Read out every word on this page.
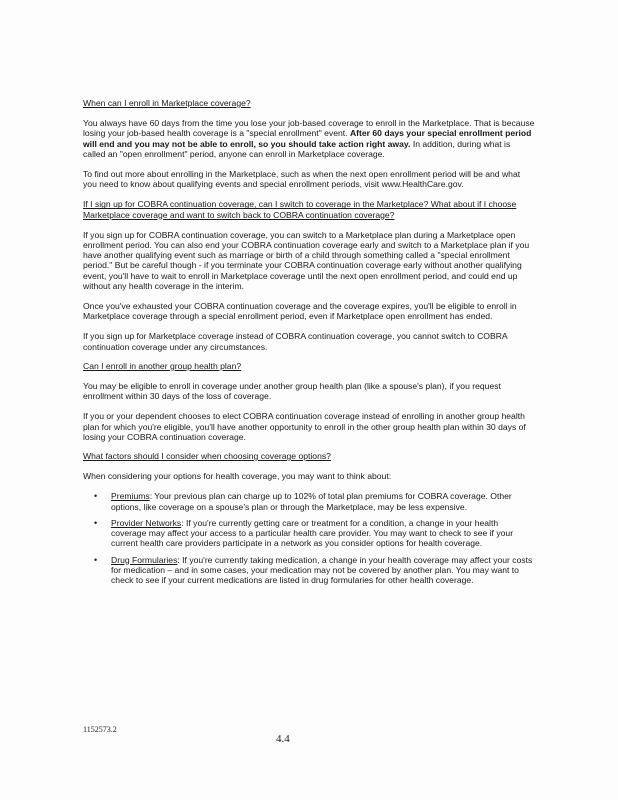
When can I enroll in Marketplace coverage?

You always have 60 days from the time you lose your job-based coverage to enroll in the Marketplace. That is because losing your job-based health coverage is a "special enrollment" event. After 60 days your special enrollment period will end and you may not be able to enroll, so you should take action right away. In addition, during what is called an "open enrollment" period, anyone can enroll in Marketplace coverage.

To find out more about enrolling in the Marketplace, such as when the next open enrollment period will be and what you need to know about qualifying events and special enrollment periods, visit www.HealthCare.gov.

If I sign up for COBRA continuation coverage, can I switch to coverage in the Marketplace? What about if I choose Marketplace coverage and want to switch back to COBRA continuation coverage?

If you sign up for COBRA continuation coverage, you can switch to a Marketplace plan during a Marketplace open enrollment period. You can also end your COBRA continuation coverage early and switch to a Marketplace plan if you have another qualifying event such as marriage or birth of a child through something called a "special enrollment period." But be careful though - if you terminate your COBRA continuation coverage early without another qualifying event, you'll have to wait to enroll in Marketplace coverage until the next open enrollment period, and could end up without any health coverage in the interim.

Once you've exhausted your COBRA continuation coverage and the coverage expires, you'll be eligible to enroll in Marketplace coverage through a special enrollment period, even if Marketplace open enrollment has ended.

If you sign up for Marketplace coverage instead of COBRA continuation coverage, you cannot switch to COBRA continuation coverage under any circumstances.

Can I enroll in another group health plan?

You may be eligible to enroll in coverage under another group health plan (like a spouse's plan), if you request enrollment within 30 days of the loss of coverage.

If you or your dependent chooses to elect COBRA continuation coverage instead of enrolling in another group health plan for which you're eligible, you'll have another opportunity to enroll in the other group health plan within 30 days of losing your COBRA continuation coverage.

What factors should I consider when choosing coverage options?

When considering your options for health coverage, you may want to think about:

• Premiums: Your previous plan can charge up to 102% of total plan premiums for COBRA coverage. Other options, like coverage on a spouse's plan or through the Marketplace, may be less expensive.
• Provider Networks: If you're currently getting care or treatment for a condition, a change in your health coverage may affect your access to a particular health care provider. You may want to check to see if your current health care providers participate in a network as you consider options for health coverage.
• Drug Formularies: If you're currently taking medication, a change in your health coverage may affect your costs for medication – and in some cases, your medication may not be covered by another plan. You may want to check to see if your current medications are listed in drug formularies for other health coverage.
1152573.2
4.4
